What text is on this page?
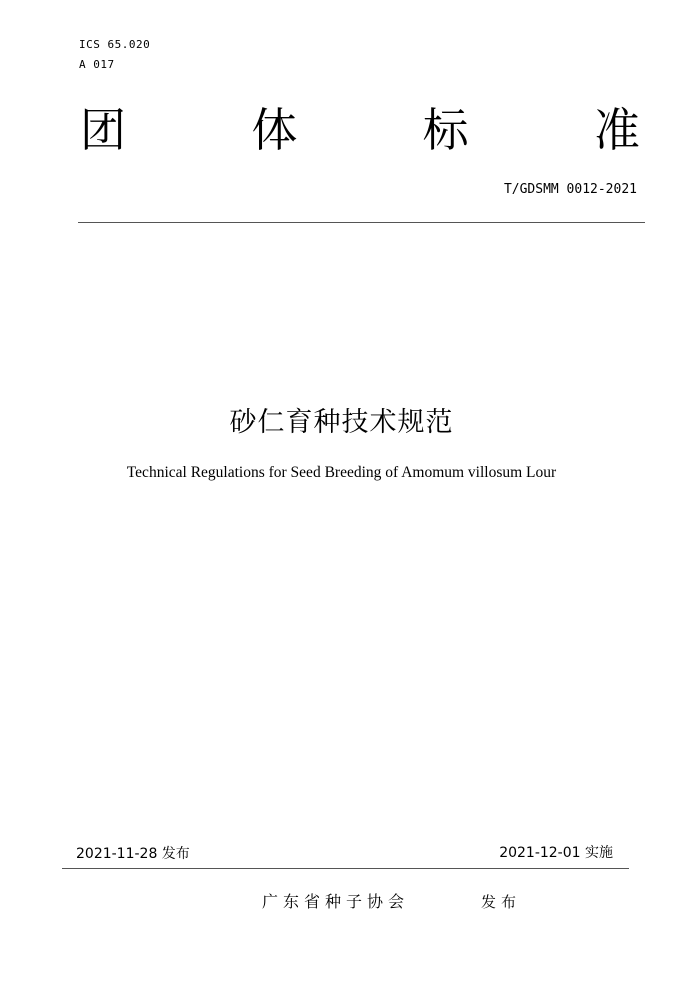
ICS 65.020
A 017
团	体	标	准
T/GDSMM 0012-2021
砂仁育种技术规范
Technical Regulations for Seed Breeding of Amomum villosum Lour
2021-11-28 发布	2021-12-01 实施
广东省种子协会	发布
